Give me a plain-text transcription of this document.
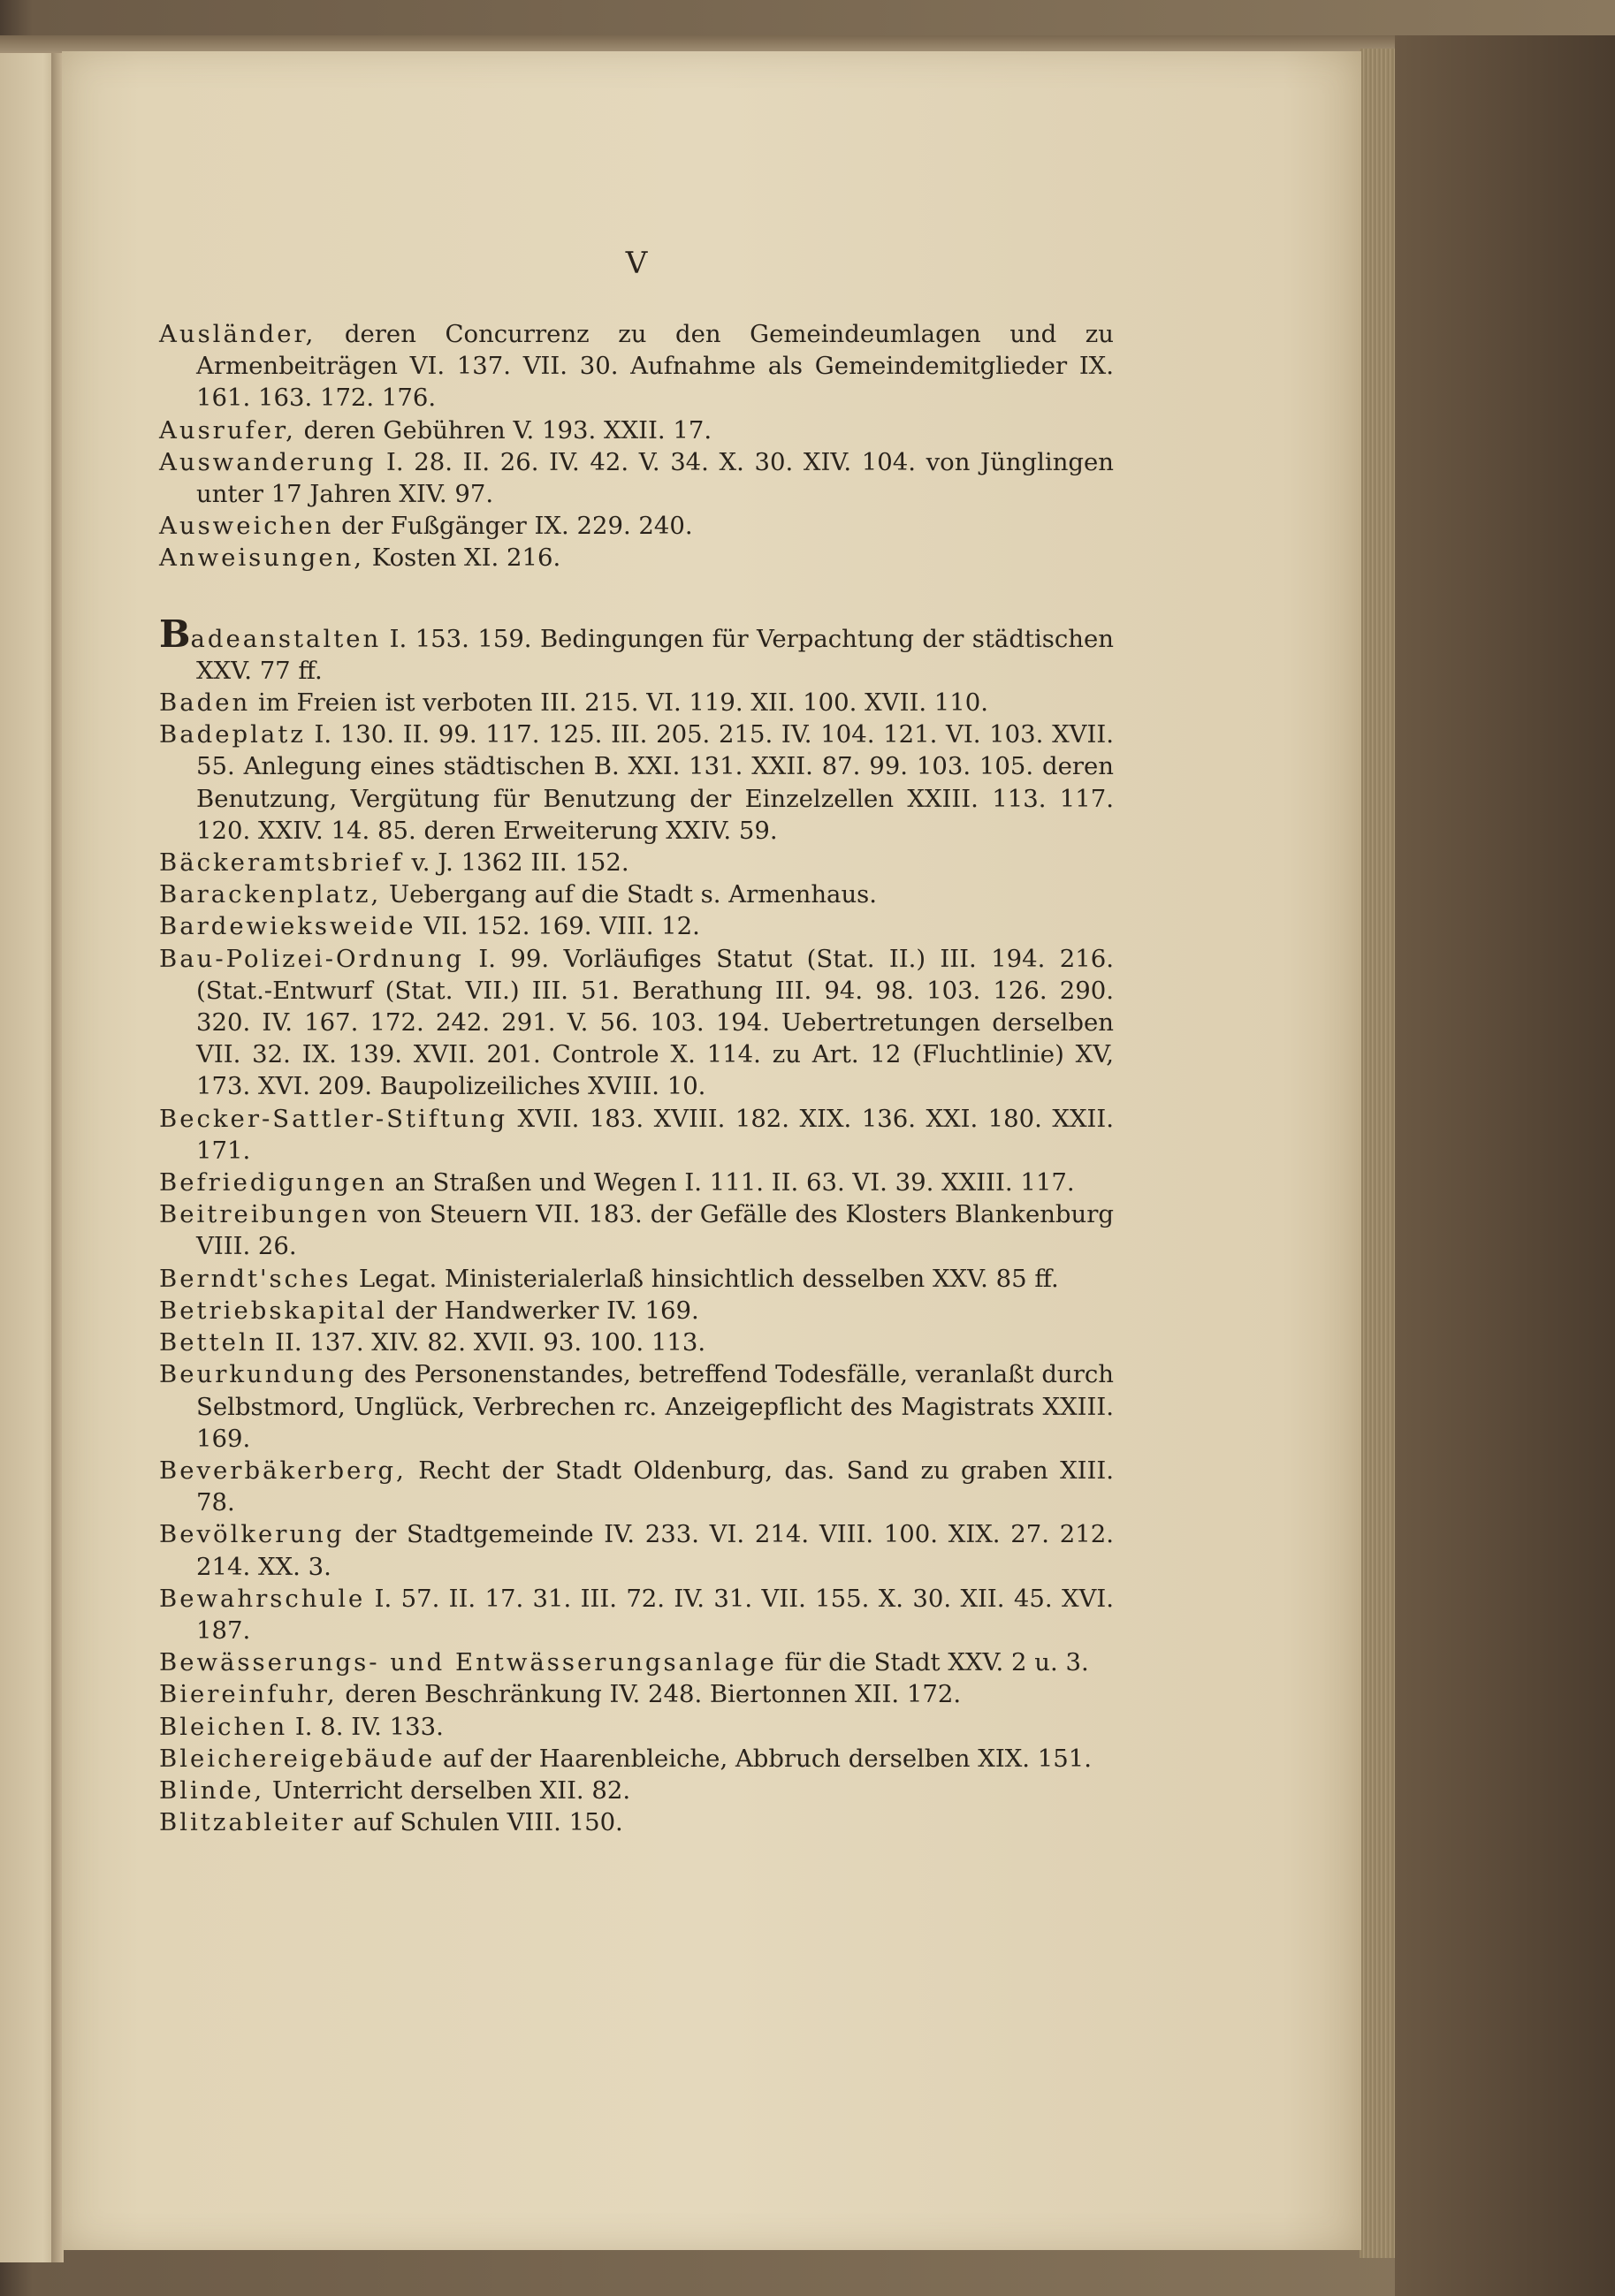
V
Ausländer, deren Concurrenz zu den Gemeindeumlagen und zu Armenbeiträgen VI. 137. VII. 30. Aufnahme als Gemeindemitglieder IX. 161. 163. 172. 176.
Ausrufer, deren Gebühren V. 193. XXII. 17.
Auswanderung I. 28. II. 26. IV. 42. V. 34. X. 30. XIV. 104. von Jünglingen unter 17 Jahren XIV. 97.
Ausweichen der Fußgänger IX. 229. 240.
Anweisungen, Kosten XI. 216.
Badeanstalten I. 153. 159. Bedingungen für Verpachtung der städtischen XXV. 77 ff.
Baden im Freien ist verboten III. 215. VI. 119. XII. 100. XVII. 110.
Badeplatz I. 130. II. 99. 117. 125. III. 205. 215. IV. 104. 121. VI. 103. XVII. 55. Anlegung eines städtischen B. XXI. 131. XXII. 87. 99. 103. 105. deren Benutzung, Vergütung für Benutzung der Einzelzellen XXIII. 113. 117. 120. XXIV. 14. 85. deren Erweiterung XXIV. 59.
Bäckeramtsbrief v. J. 1362 III. 152.
Barackenplatz, Uebergang auf die Stadt s. Armenhaus.
Bardewieksweide VII. 152. 169. VIII. 12.
Bau-Polizei-Ordnung I. 99. Vorläufiges Statut (Stat. II.) III. 194. 216. (Stat.-Entwurf (Stat. VII.) III. 51. Berathung III. 94. 98. 103. 126. 290. 320. IV. 167. 172. 242. 291. V. 56. 103. 194. Uebertretungen derselben VII. 32. IX. 139. XVII. 201. Controle X. 114. zu Art. 12 (Fluchtlinie) XV, 173. XVI. 209. Baupolizeiliches XVIII. 10.
Becker-Sattler-Stiftung XVII. 183. XVIII. 182. XIX. 136. XXI. 180. XXII. 171.
Befriedigungen an Straßen und Wegen I. 111. II. 63. VI. 39. XXIII. 117.
Beitreibungen von Steuern VII. 183. der Gefälle des Klosters Blankenburg VIII. 26.
Berndt'sches Legat. Ministerialerlaß hinsichtlich desselben XXV. 85 ff.
Betriebskapital der Handwerker IV. 169.
Betteln II. 137. XIV. 82. XVII. 93. 100. 113.
Beurkundung des Personenstandes, betreffend Todesfälle, veranlaßt durch Selbstmord, Unglück, Verbrechen rc. Anzeigepflicht des Magistrats XXIII. 169.
Beverbäkerberg, Recht der Stadt Oldenburg, das. Sand zu graben XIII. 78.
Bevölkerung der Stadtgemeinde IV. 233. VI. 214. VIII. 100. XIX. 27. 212. 214. XX. 3.
Bewahrschule I. 57. II. 17. 31. III. 72. IV. 31. VII. 155. X. 30. XII. 45. XVI. 187.
Bewässerungs- und Entwässerungsanlage für die Stadt XXV. 2 u. 3.
Biereinfuhr, deren Beschränkung IV. 248. Biertonnen XII. 172.
Bleichen I. 8. IV. 133.
Bleichereigebäude auf der Haarenbleiche, Abbruch derselben XIX. 151.
Blinde, Unterricht derselben XII. 82.
Blitzableiter auf Schulen VIII. 150.
